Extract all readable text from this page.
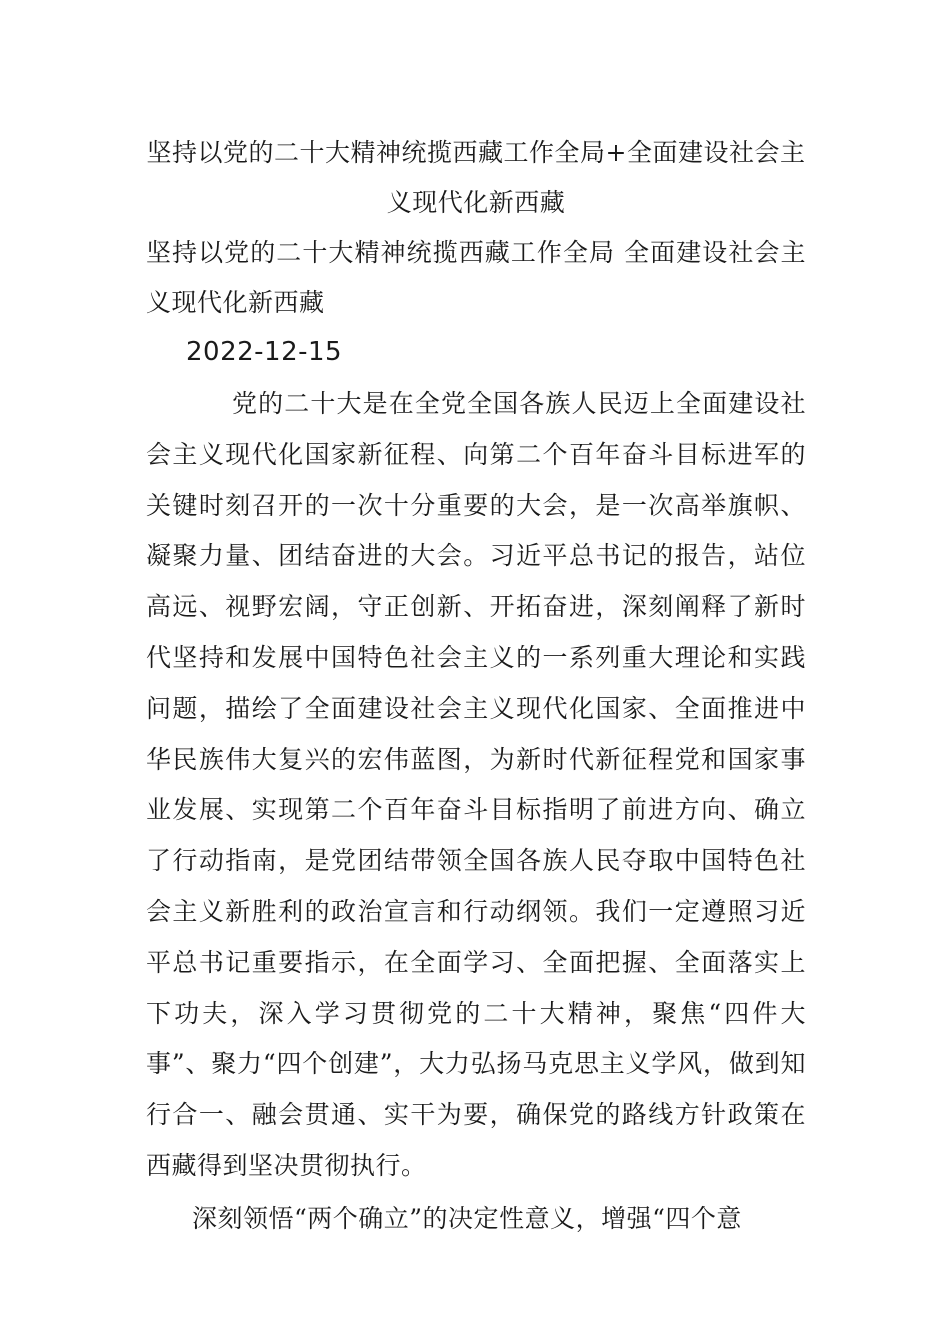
坚持以党的二十大精神统揽西藏工作全局+全面建设社会主义现代化新西藏
坚持以党的二十大精神统揽西藏工作全局 全面建设社会主义现代化新西藏
2022-12-15

党的二十大是在全党全国各族人民迈上全面建设社会主义现代化国家新征程、向第二个百年奋斗目标进军的关键时刻召开的一次十分重要的大会，是一次高举旗帜、凝聚力量、团结奋进的大会。习近平总书记的报告，站位高远、视野宏阔，守正创新、开拓奋进，深刻阐释了新时代坚持和发展中国特色社会主义的一系列重大理论和实践问题，描绘了全面建设社会主义现代化国家、全面推进中华民族伟大复兴的宏伟蓝图，为新时代新征程党和国家事业发展、实现第二个百年奋斗目标指明了前进方向、确立了行动指南，是党团结带领全国各族人民夺取中国特色社会主义新胜利的政治宣言和行动纲领。我们一定遵照习近平总书记重要指示，在全面学习、全面把握、全面落实上下功夫，深入学习贯彻党的二十大精神，聚焦“四件大事”、聚力“四个创建”，大力弘扬马克思主义学风，做到知行合一、融会贯通、实干为要，确保党的路线方针政策在西藏得到坚决贯彻执行。

深刻领悟“两个确立”的决定性意义，增强“四个意
